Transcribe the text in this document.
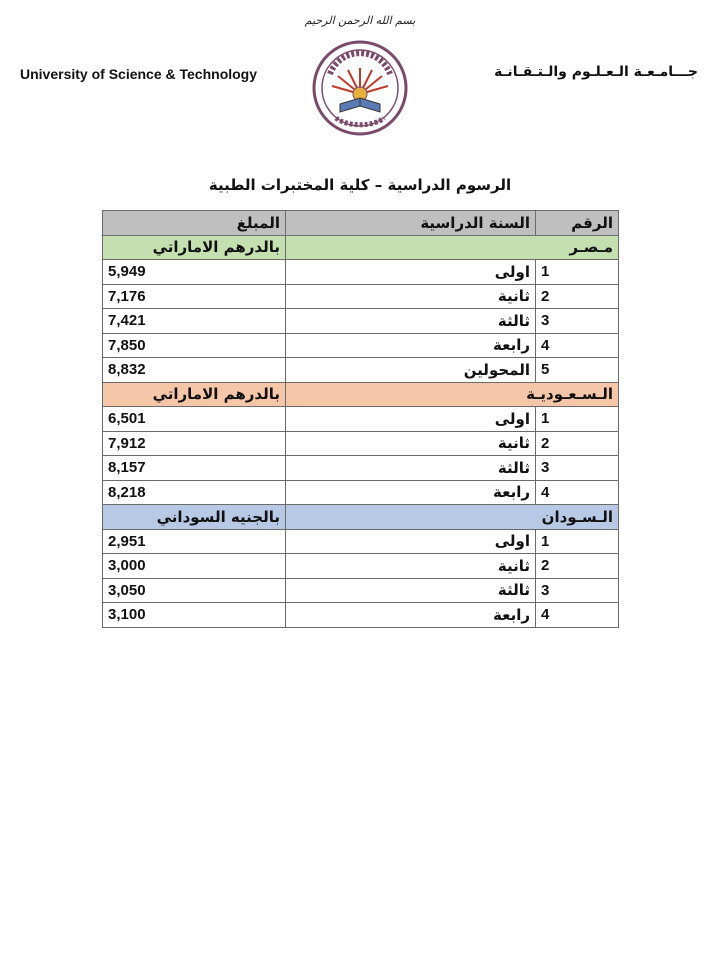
بسم الله الرحمن الرحيم
University of Science & Technology	جـــامـعـة الـعـلـوم والـتـقـانـة
الرسوم الدراسية – كلية المختبرات الطبية
الرقم	السنة الدراسية	المبلغ
مـصـر		بالدرهم الاماراتي
1	اولى	5,949
2	ثانية	7,176
3	ثالثة	7,421
4	رابعة	7,850
5	المحولين	8,832
الـسـعـوديـة		بالدرهم الاماراتي
1	اولى	6,501
2	ثانية	7,912
3	ثالثة	8,157
4	رابعة	8,218
الـسـودان		بالجنيه السوداني
1	اولى	2,951
2	ثانية	3,000
3	ثالثة	3,050
4	رابعة	3,100
